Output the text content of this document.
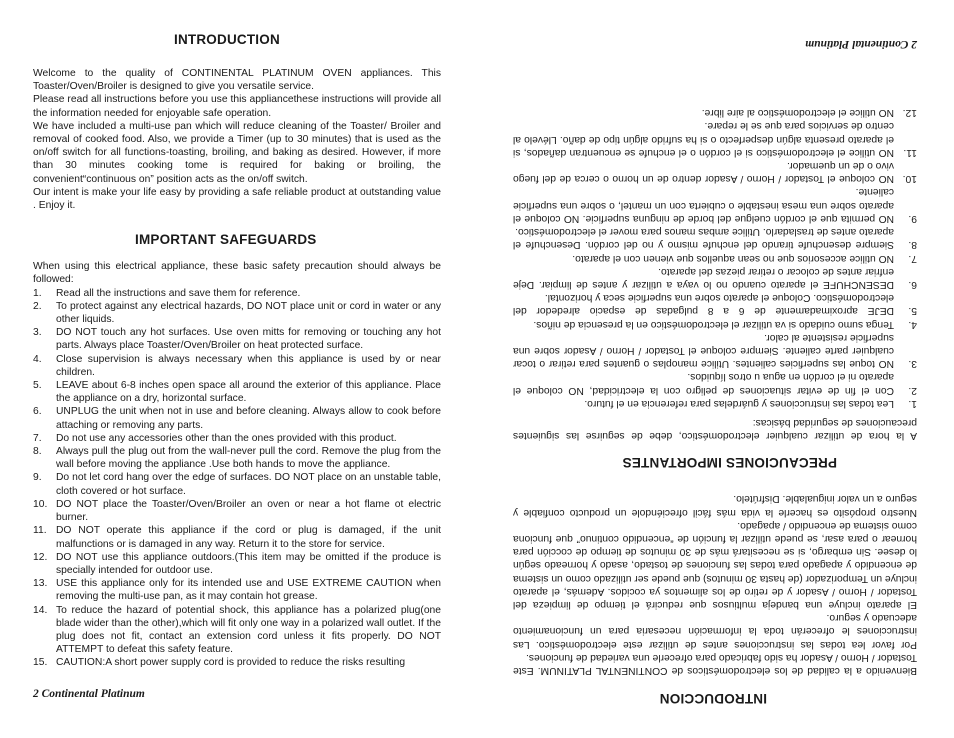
INTRODUCTION

Welcome to the quality of CONTINENTAL PLATINUM OVEN appliances. This Toaster/Oven/Broiler is designed to give you versatile service.

Please read all instructions before you use this appliancethese instructions will provide all the information needed for enjoyable safe operation.

We have included a multi-use pan which will reduce cleaning of the Toaster/ Broiler and removal of cooked food. Also, we provide a Timer (up to 30 minutes) that is used as the on/off switch for all functions-toasting, broiling, and baking as desired. However, if more than 30 minutes cooking tome is required for baking or broiling, the convenient“continuous on” position acts as the on/off switch.

Our intent is make your life easy by providing a safe reliable product at outstanding value . Enjoy it.

IMPORTANT SAFEGUARDS

When using this electrical appliance, these basic safety precaution should always be followed:

1.	Read all the instructions and save them for reference.
2.	To protect against any electrical hazards, DO NOT place unit or cord in water or any other liquids.
3.	DO NOT touch any hot surfaces. Use oven mitts for removing or touching any hot parts. Always place Toaster/Oven/Broiler on heat protected surface.
4.	Close supervision is always necessary when this appliance is used by or near children.
5.	LEAVE about 6-8 inches open space all around the exterior of this appliance. Place the appliance on a dry, horizontal surface.
6.	UNPLUG the unit when not in use and before cleaning. Always allow to cook before attaching or removing any parts.
7.	Do not use any accessories other than the ones provided with this product.
8.	Always pull the plug out from the wall-never pull the cord. Remove the plug from the wall before moving the appliance .Use both hands to move the appliance.
9.	Do not let cord hang over the edge of surfaces. DO NOT place on an unstable table, cloth covered or hot surface.
10. DO NOT place the Toaster/Oven/Broiler an oven or near a hot flame ot electric burner.
11. DO NOT operate this appliance if the cord or plug is damaged, if the unit malfunctions or is damaged in any way. Return it to the store for service.
12. DO NOT use this appliance outdoors.(This item may be omitted if the produce is specially intended for outdoor use.
13. USE this appliance only for its intended use and USE EXTREME CAUTION when removing the multi-use pan, as it may contain hot grease.
14. To reduce the hazard of potential shock, this appliance has a polarized plug(one blade wider than the other),which will fit only one way in a polarized wall outlet. If the plug does not fit, contact an extension cord unless it fits properly. DO NOT ATTEMPT to defeat this safety feature.
15. CAUTION:A short power supply cord is provided to reduce the risks resulting
2 Continental Platinum	INTRODUCCION

Bienvenido a la calidad de los electrodomésticos de CONTINENTAL PLATINUM. Este Tostador / Horno / Asador ha sido fabricado para ofrecerle una variedad de funciones.

Por favor lea todas las instrucciones antes de utilizar este electrodoméstico. Las instrucciones le ofrecerán toda la información necesaria para un funcionamiento adecuado y seguro.

El aparato incluye una bandeja multiusos que reducirá el tiempo de limpieza del Tostador / Horno / Asador y de retiro de los alimentos ya cocidos. Además, el aparato incluye un Temporizador (de hasta 30 minutos) que puede ser utilizado como un sistema de encendido y apagado para todas las funciones de tostado, asado y horneado según lo desee. Sin embargo, si se necesitará más de 30 minutos de tiempo de cocción para hornear o para asar, se puede utilizar la función de “encendido continuo” que funciona como sistema de encendido / apagado.

Nuestro propósito es hacerle la vida más fácil ofreciéndole un producto confiable y seguro a un valor inigualable. Disfrútelo.

PRECAUCIONES IMPORTANTES

A la hora de utilizar cualquier electrodoméstico, debe de seguirse las siguientes precauciones de seguridad básicas:

1.
Lea todas las instrucciones y guárdelas para referencia en el futuro.
2.
Con el fin de evitar situaciones de peligro con la electricidad, NO coloque el aparato ni el cordón en agua u otros líquidos.
3.
NO toque las superficies calientes. Utilice manoplas o guantes para retirar o tocar cualquier parte caliente. Siempre coloque el Tostador / Horno / Asador sobre una superficie resistente al calor.
4.
Tenga sumo cuidado si va utilizar el electrodoméstico en la presencia de niños.
5.
DEJE aproximadamente de 6 a 8 pulgadas de espacio alrededor del electrodoméstico. Coloque el aparato sobre una superficie seca y horizontal.
6.
DESENCHUFE el aparato cuando no lo vaya a utilizar y antes de limpiar. Deje enfriar antes de colocar o retirar piezas del aparato.
7.
NO utilice accesorios que no sean aquellos que vienen con el aparato.
8.
Siempre desenchufe tirando del enchufe mismo y no del cordón. Desenchufe el aparato antes de trasladarlo. Utilice ambas manos para mover el electrodoméstico.
9.
NO permita que el cordón cuelgue del borde de ninguna superficie. NO coloque el aparato sobre una mesa inestable o cubierta con un mantel, o sobre una superficie caliente.
10.
NO coloque el Tostador / Horno / Asador dentro de un horno o cerca de del fuego vivo o de un quemador.
11.
NO utilice el electrodoméstico si el cordón o el enchufe se encuentran dañados, si el aparato presenta algún desperfecto o si ha sufrido algún tipo de daño. Llévelo al centro de servicios para que se le repare.
12.
NO utilice el electrodoméstico al aire libre.
2 Continental Platinum
